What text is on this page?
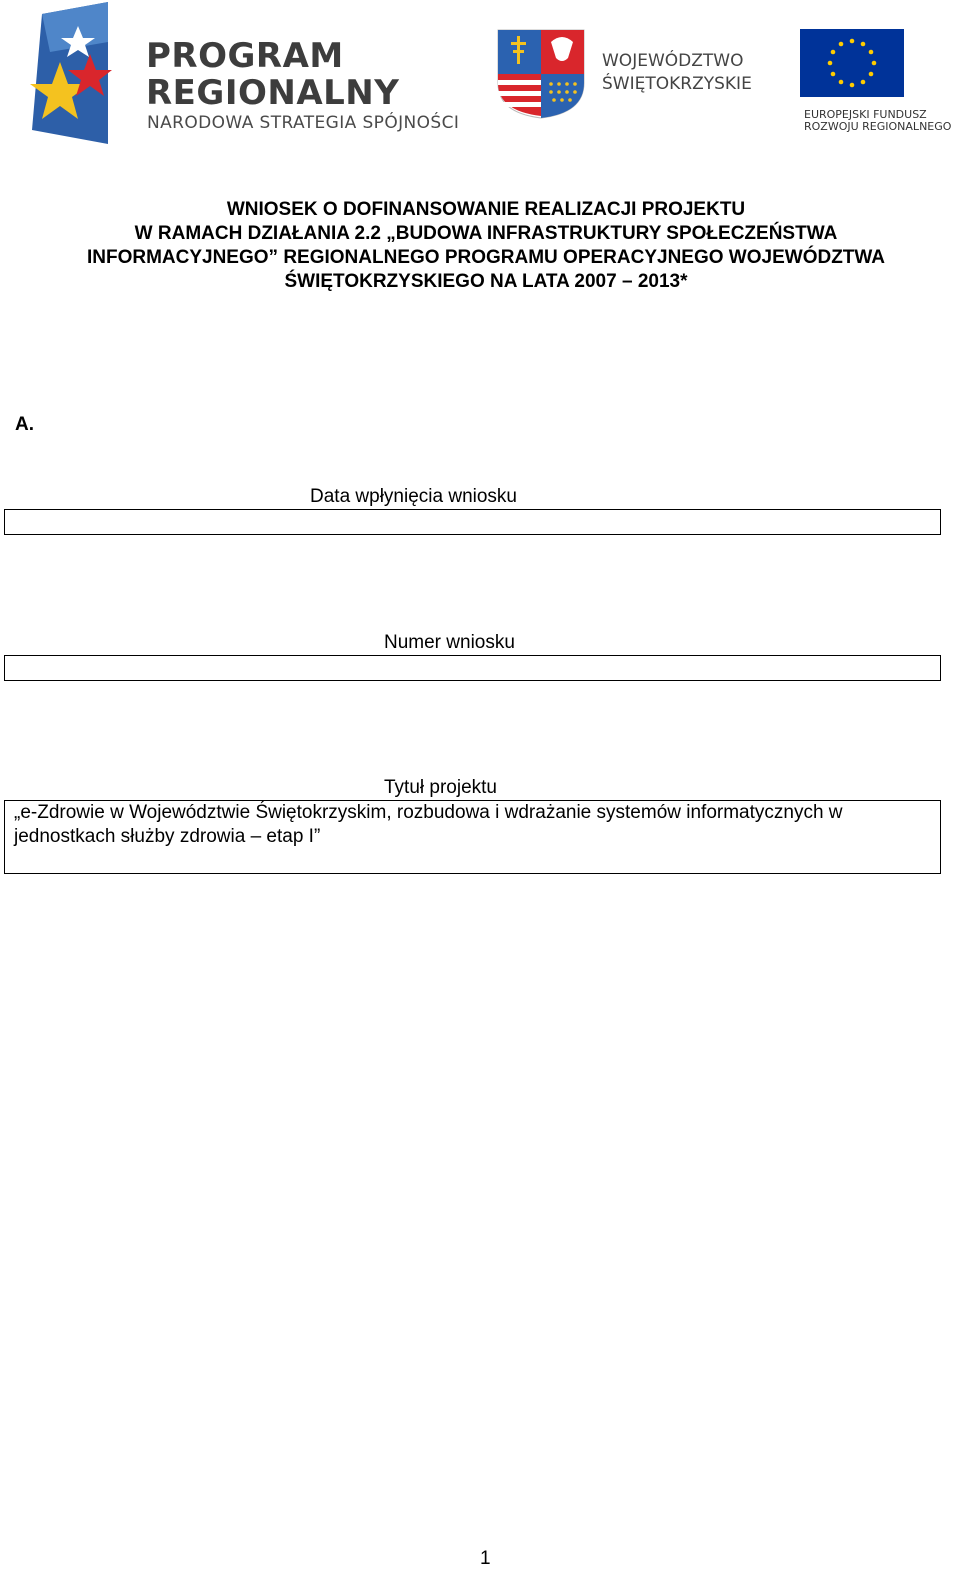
PROGRAM
REGIONALNY
NARODOWA STRATEGIA SPÓJNOŚCI
WOJEWÓDZTWO
ŚWIĘTOKRZYSKIE
EUROPEJSKI FUNDUSZ
ROZWOJU REGIONALNEGO
WNIOSEK O DOFINANSOWANIE REALIZACJI PROJEKTU
W RAMACH DZIAŁANIA 2.2 „BUDOWA INFRASTRUKTURY SPOŁECZEŃSTWA
INFORMACYJNEGO” REGIONALNEGO PROGRAMU OPERACYJNEGO WOJEWÓDZTWA
ŚWIĘTOKRZYSKIEGO NA LATA 2007 – 2013*
A.
Data wpłynięcia wniosku
Numer wniosku
Tytuł projektu
„e-Zdrowie w Województwie Świętokrzyskim, rozbudowa i wdrażanie systemów informatycznych w jednostkach służby zdrowia – etap I”
1
